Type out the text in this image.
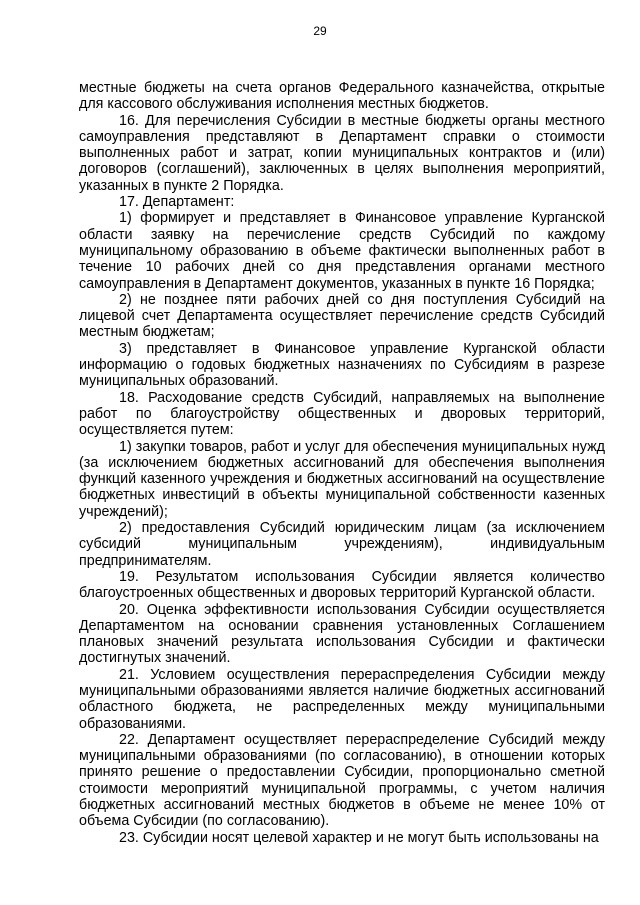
29

местные бюджеты на счета органов Федерального казначейства, открытые для кассового обслуживания исполнения местных бюджетов.

16. Для перечисления Субсидии в местные бюджеты органы местного самоуправления представляют в Департамент справки о стоимости выполненных работ и затрат, копии муниципальных контрактов и (или) договоров (соглашений), заключенных в целях выполнения мероприятий, указанных в пункте 2 Порядка.

17. Департамент:

1) формирует и представляет в Финансовое управление Курганской области заявку на перечисление средств Субсидий по каждому муниципальному образованию в объеме фактически выполненных работ в течение 10 рабочих дней со дня представления органами местного самоуправления в Департамент документов, указанных в пункте 16 Порядка;

2) не позднее пяти рабочих дней со дня поступления Субсидий на лицевой счет Департамента осуществляет перечисление средств Субсидий местным бюджетам;

3) представляет в Финансовое управление Курганской области информацию о годовых бюджетных назначениях по Субсидиям в разрезе муниципальных образований.

18. Расходование средств Субсидий, направляемых на выполнение работ по благоустройству общественных и дворовых территорий, осуществляется путем:

1) закупки товаров, работ и услуг для обеспечения муниципальных нужд (за исключением бюджетных ассигнований для обеспечения выполнения функций казенного учреждения и бюджетных ассигнований на осуществление бюджетных инвестиций в объекты муниципальной собственности казенных учреждений);

2) предоставления Субсидий юридическим лицам (за исключением субсидий муниципальным учреждениям), индивидуальным предпринимателям.

19. Результатом использования Субсидии является количество благоустроенных общественных и дворовых территорий Курганской области.

20. Оценка эффективности использования Субсидии осуществляется Департаментом на основании сравнения установленных Соглашением плановых значений результата использования Субсидии и фактически достигнутых значений.

21. Условием осуществления перераспределения Субсидии между муниципальными образованиями является наличие бюджетных ассигнований областного бюджета, не распределенных между муниципальными образованиями.

22. Департамент осуществляет перераспределение Субсидий между муниципальными образованиями (по согласованию), в отношении которых принято решение о предоставлении Субсидии, пропорционально сметной стоимости мероприятий муниципальной программы, с учетом наличия бюджетных ассигнований местных бюджетов в объеме не менее 10% от объема Субсидии (по согласованию).

23. Субсидии носят целевой характер и не могут быть использованы на
